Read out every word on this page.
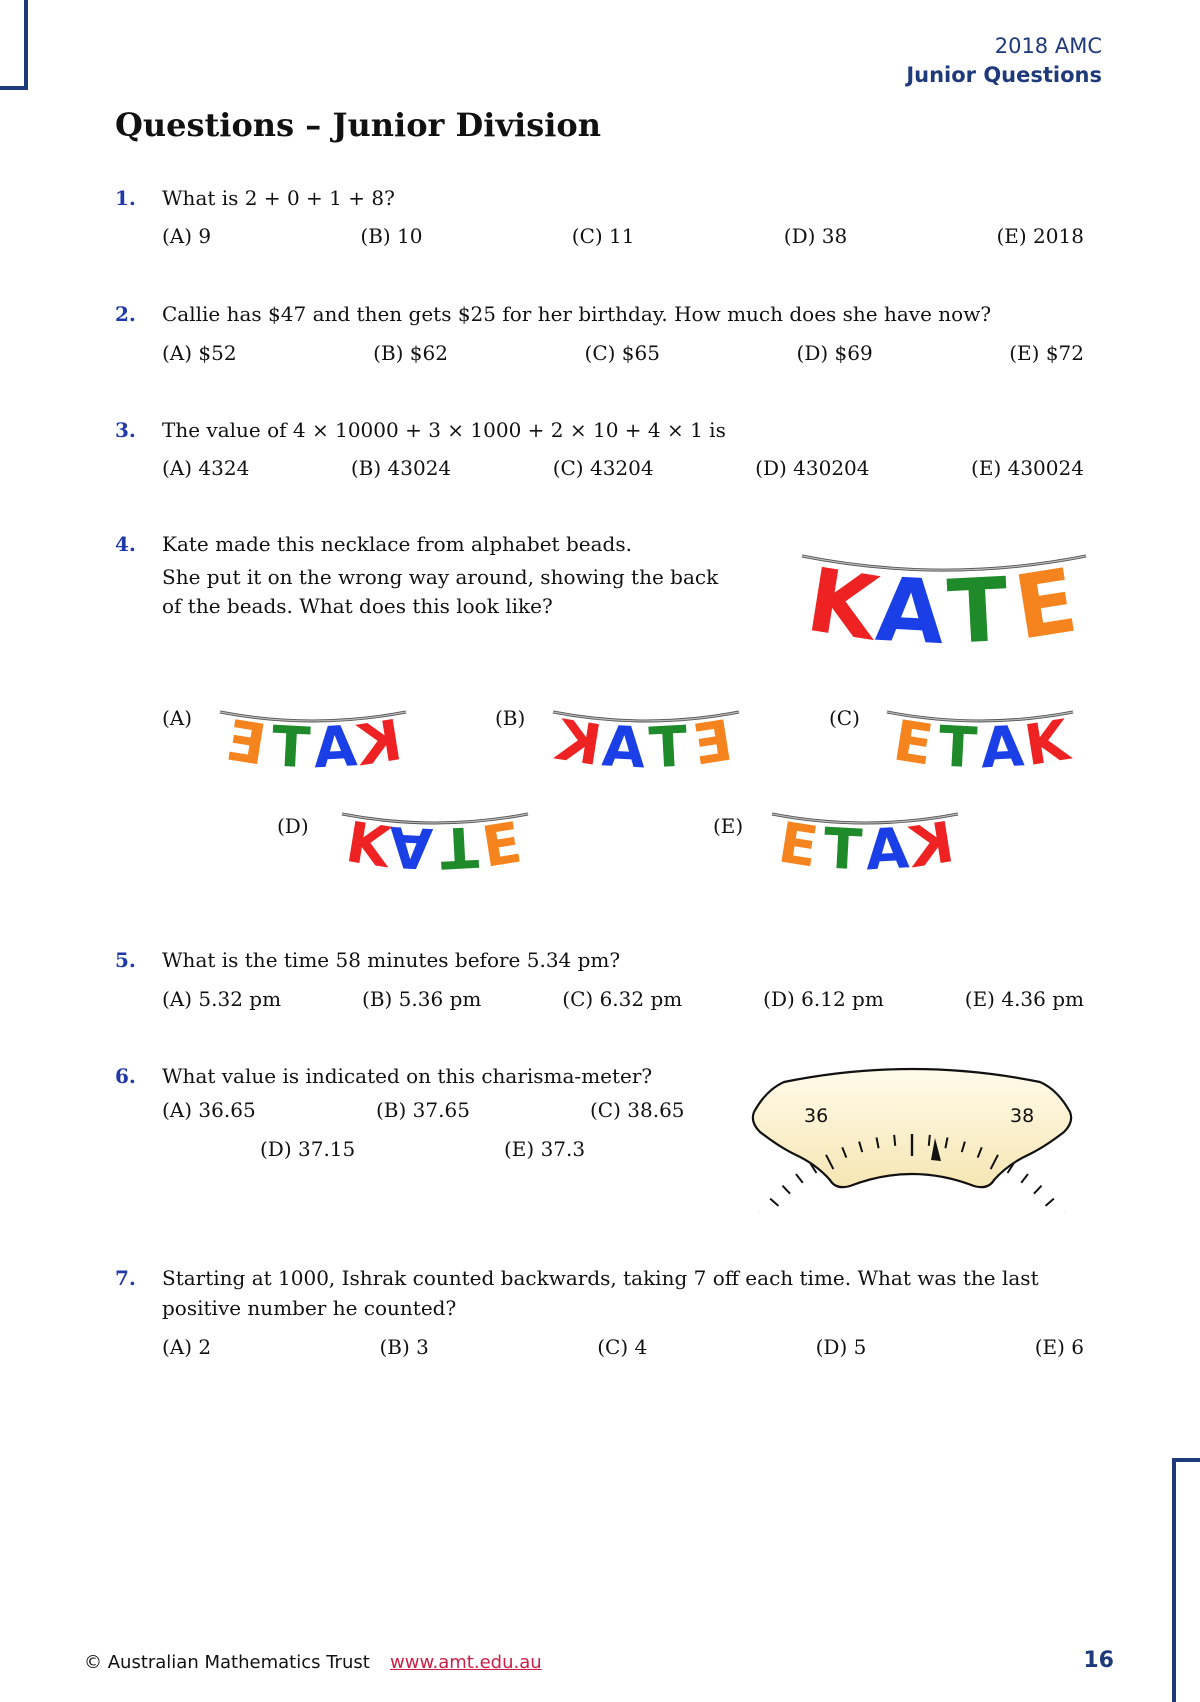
2018 AMC
Junior Questions
Questions – Junior Division
1. What is 2 + 0 + 1 + 8?
(A) 9	(B) 10	(C) 11	(D) 38	(E) 2018
2. Callie has $47 and then gets $25 for her birthday. How much does she have now?
(A) $52	(B) $62	(C) $65	(D) $69	(E) $72
3. The value of 4 × 10000 + 3 × 1000 + 2 × 10 + 4 × 1 is
(A) 4324	(B) 43024	(C) 43204	(D) 430204	(E) 430024
4. Kate made this necklace from alphabet beads.
She put it on the wrong way around, showing the back
of the beads. What does this look like?	K
A
T
E
E T A
K	K
A T E	E T A
K
K
A T
E	E T A
K
(A)	(B)	(C)
(D)	(E)
5. What is the time 58 minutes before 5.34 pm?
(A) 5.32 pm	(B) 5.36 pm	(C) 6.32 pm	(D) 6.12 pm	(E) 4.36 pm
6. What value is indicated on this charisma-meter?
(A) 36.65	(B) 37.65	(C) 38.65
(D) 37.15	(E) 37.3
36	38
7. Starting at 1000, Ishrak counted backwards, taking 7 off each time. What was the last
positive number he counted?
(A) 2	(B) 3	(C) 4	(D) 5	(E) 6
© Australian Mathematics Trust www.amt.edu.au	16
